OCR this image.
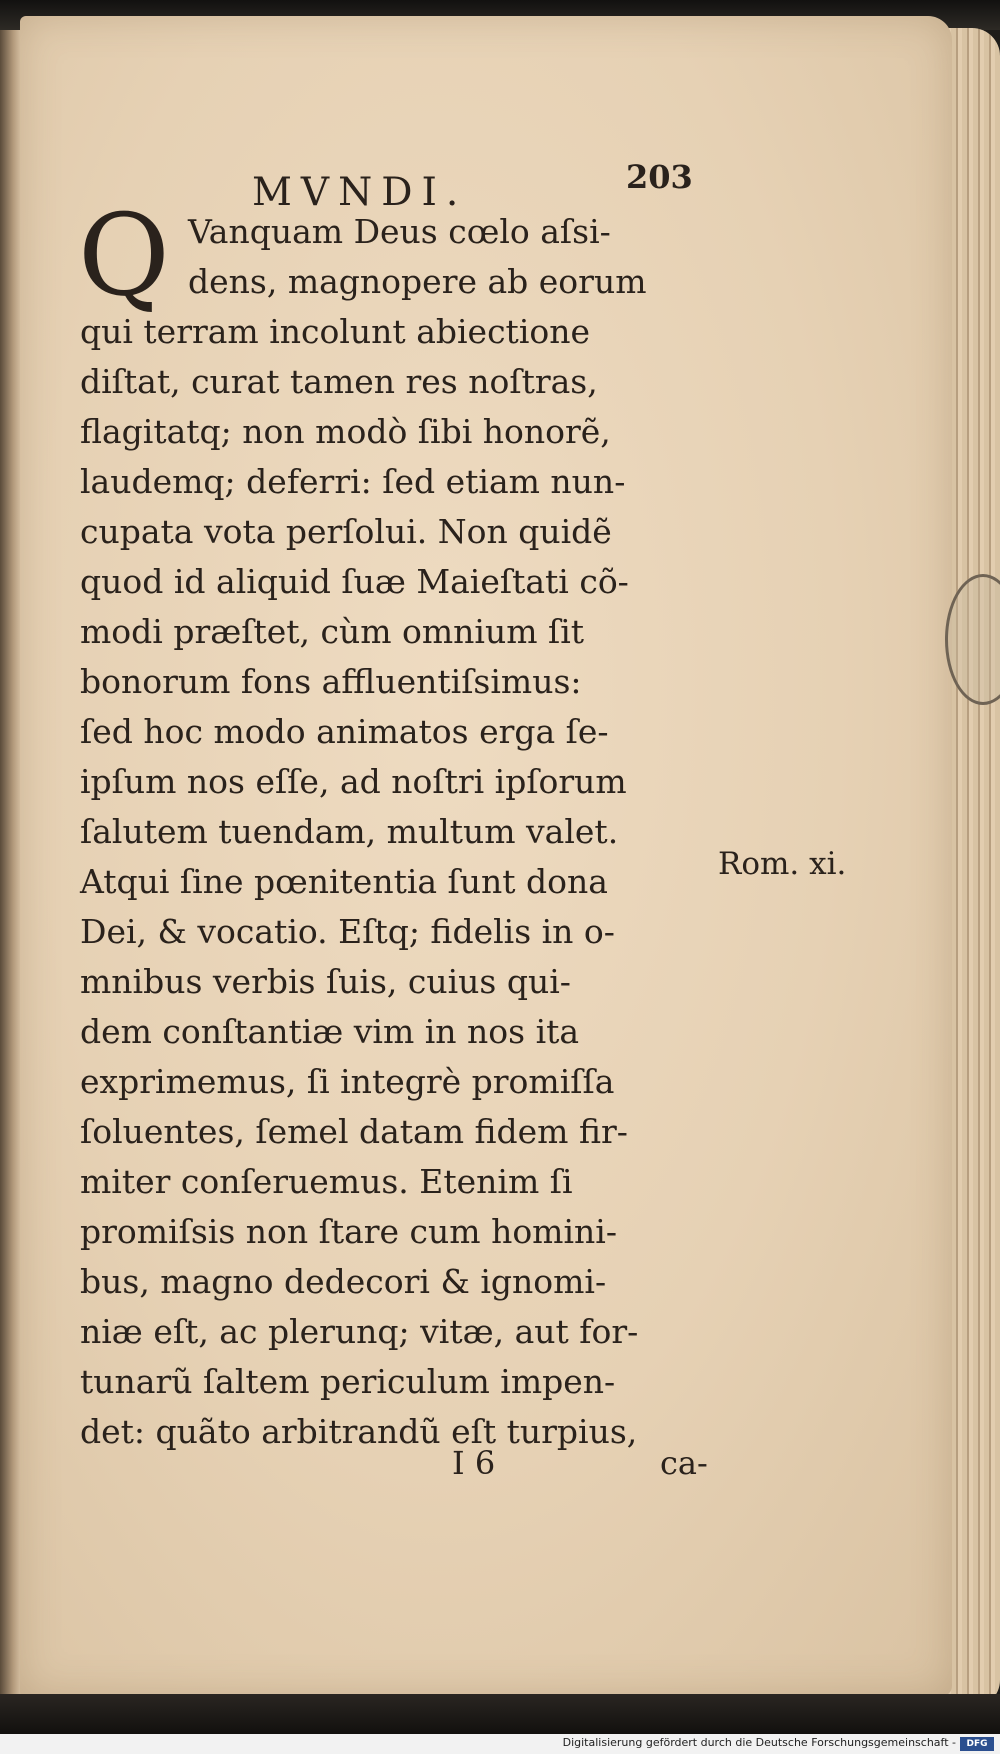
MVNDI.	203
Q Vanquam Deus cœlo aſsi-
dens, magnopere ab eorum
qui terram incolunt abiectione
diſtat, curat tamen res noſtras,
flagitatq; non modò ſibi honorẽ,
laudemq; deferri: ſed etiam nun-
cupata vota perſolui. Non quidẽ
quod id aliquid ſuæ Maieſtati cõ-
modi præſtet, cùm omnium ſit
bonorum fons affluentiſsimus:
ſed hoc modo animatos erga ſe-
ipſum nos eſſe, ad noſtri ipſorum
ſalutem tuendam, multum valet.
Atqui ſine pœnitentia ſunt dona
Dei, & vocatio. Eſtq; fidelis in o-
mnibus verbis ſuis, cuius qui-
dem conſtantiæ vim in nos ita
exprimemus, ſi integrè promiſſa
ſoluentes, ſemel datam fidem fir-
miter conſeruemus. Etenim ſi
promiſsis non ſtare cum homini-
bus, magno dedecori & ignomi-
niæ eſt, ac plerunq; vitæ, aut for-
tunarũ ſaltem periculum impen-
det: quãto arbitrandũ eſt turpius,
Rom. xi.
I 6	ca-
Digitalisierung gefördert durch die Deutsche Forschungsgemeinschaft -	DFG
